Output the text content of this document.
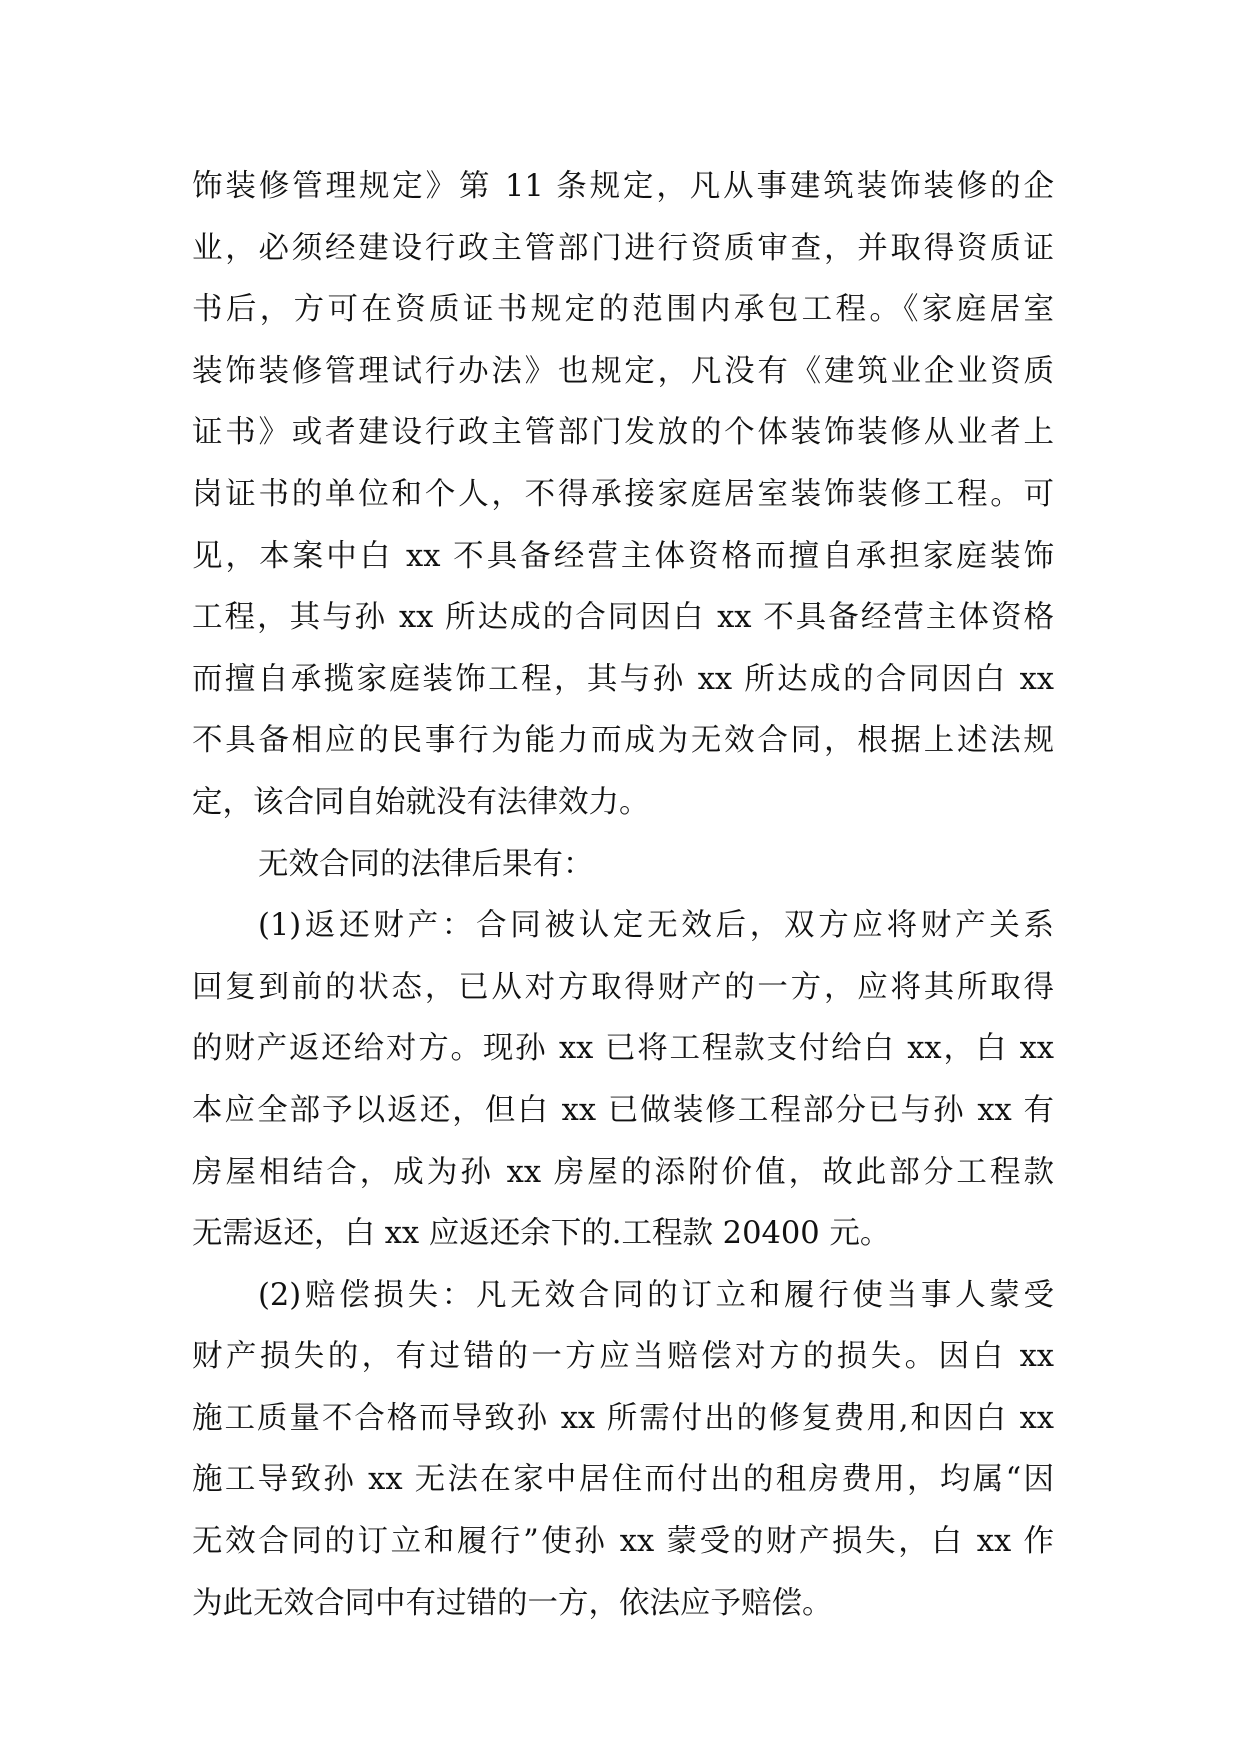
饰装修管理规定》第 11 条规定，凡从事建筑装饰装修的企
业，必须经建设行政主管部门进行资质审查，并取得资质证
书后，方可在资质证书规定的范围内承包工程。《家庭居室
装饰装修管理试行办法》也规定，凡没有《建筑业企业资质
证书》或者建设行政主管部门发放的个体装饰装修从业者上
岗证书的单位和个人，不得承接家庭居室装饰装修工程。可
见，本案中白 xx 不具备经营主体资格而擅自承担家庭装饰
工程，其与孙 xx 所达成的合同因白 xx 不具备经营主体资格
而擅自承揽家庭装饰工程，其与孙 xx 所达成的合同因白 xx
不具备相应的民事行为能力而成为无效合同，根据上述法规
定，该合同自始就没有法律效力。
无效合同的法律后果有：
(1)返还财产：合同被认定无效后，双方应将财产关系
回复到前的状态，已从对方取得财产的一方，应将其所取得
的财产返还给对方。现孙 xx 已将工程款支付给白 xx，白 xx
本应全部予以返还，但白 xx 已做装修工程部分已与孙 xx 有
房屋相结合，成为孙 xx 房屋的添附价值，故此部分工程款
无需返还，白 xx 应返还余下的.工程款 20400 元。
(2)赔偿损失：凡无效合同的订立和履行使当事人蒙受
财产损失的，有过错的一方应当赔偿对方的损失。因白 xx
施工质量不合格而导致孙 xx 所需付出的修复费用,和因白 xx
施工导致孙 xx 无法在家中居住而付出的租房费用，均属“因
无效合同的订立和履行”使孙 xx 蒙受的财产损失，白 xx 作
为此无效合同中有过错的一方，依法应予赔偿。
